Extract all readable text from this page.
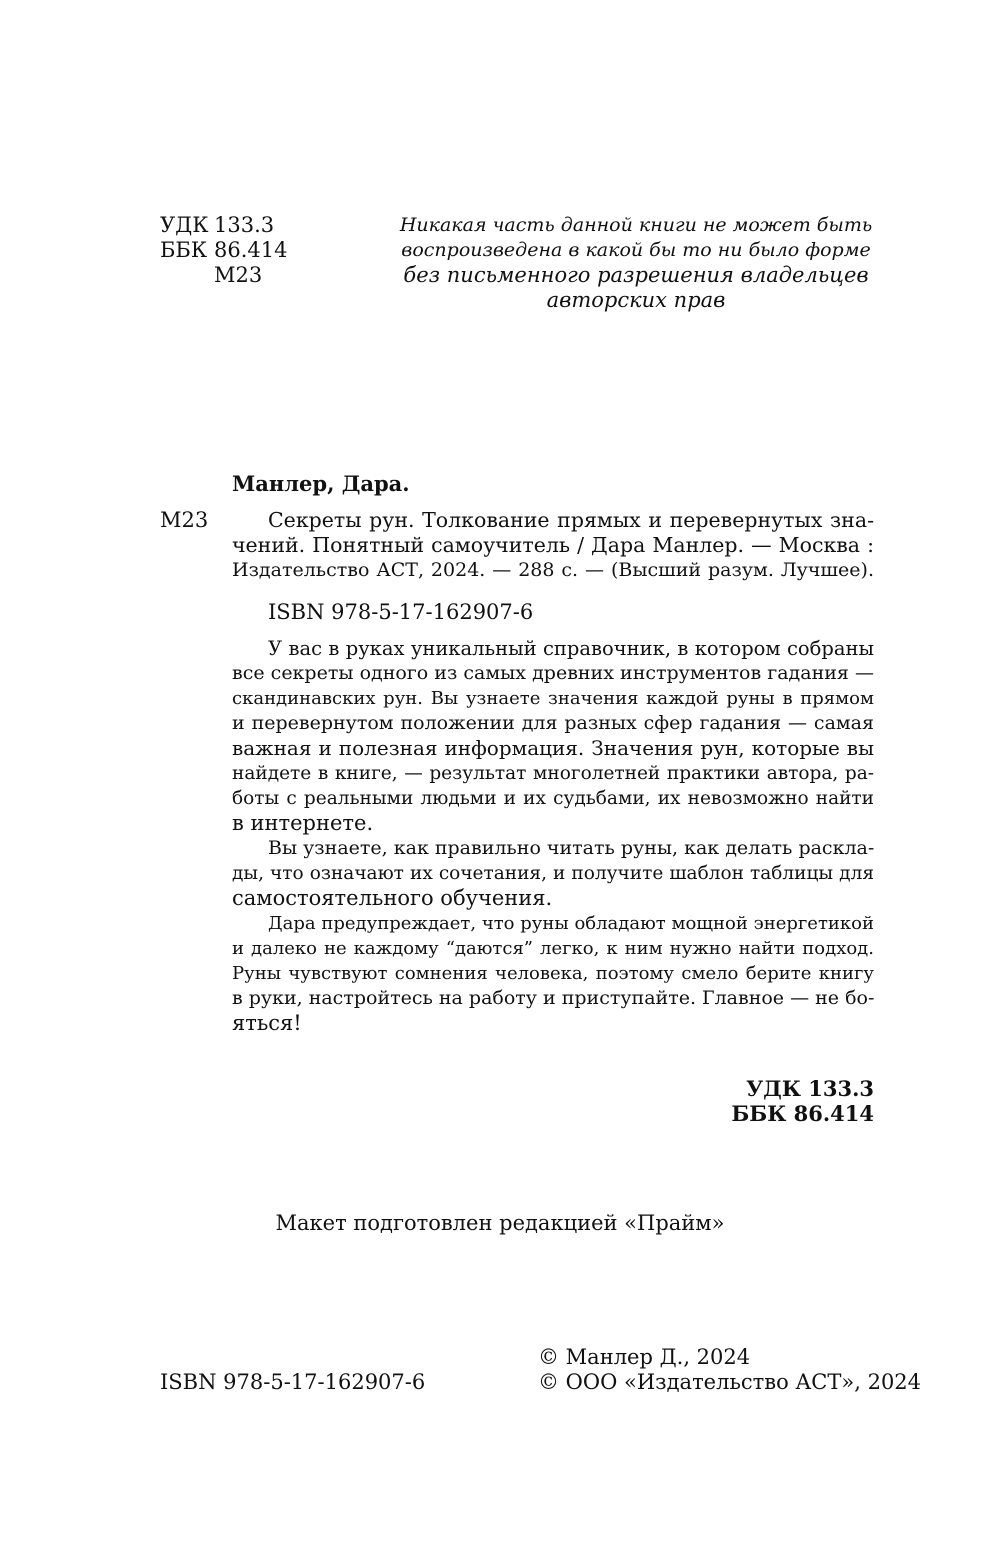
УДК 133.3
ББК 86.414
М23
Никакая часть данной книги не может быть
воспроизведена в какой бы то ни было форме
без письменного разрешения владельцев
авторских прав
Манлер, Дара.
М23	Секреты рун. Толкование прямых и перевернутых зна-
чений. Понятный самоучитель / Дара Манлер. — Москва :
Издательство АСТ, 2024. — 288 с. — (Высший разум. Лучшее).
ISBN 978-5-17-162907-6
У вас в руках уникальный справочник, в котором собраны
все секреты одного из самых древних инструментов гадания —
скандинавских рун. Вы узнаете значения каждой руны в прямом
и перевернутом положении для разных сфер гадания — самая
важная и полезная информация. Значения рун, которые вы
найдете в книге, — результат многолетней практики автора, ра-
боты с реальными людьми и их судьбами, их невозможно найти
в интернете.
Вы узнаете, как правильно читать руны, как делать раскла-
ды, что означают их сочетания, и получите шаблон таблицы для
самостоятельного обучения.
Дара предупреждает, что руны обладают мощной энергетикой
и далеко не каждому “даются” легко, к ним нужно найти подход.
Руны чувствуют сомнения человека, поэтому смело берите книгу
в руки, настройтесь на работу и приступайте. Главное — не бо-
яться!
УДК 133.3
ББК 86.414
Макет подготовлен редакцией «Прайм»
ISBN 978-5-17-162907-6
© Манлер Д., 2024
© ООО «Издательство АСТ», 2024
